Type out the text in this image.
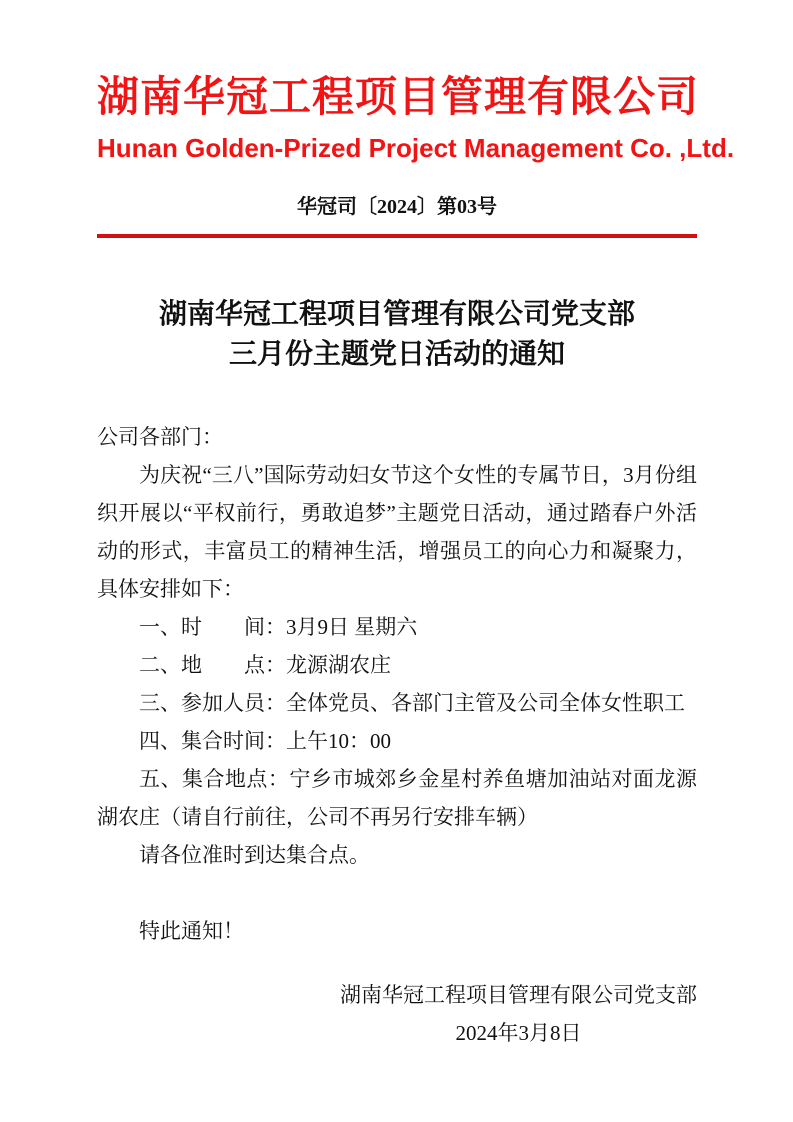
湖南华冠工程项目管理有限公司
Hunan Golden-Prized Project Management Co. ,Ltd.
华冠司〔2024〕第03号
湖南华冠工程项目管理有限公司党支部
三月份主题党日活动的通知

公司各部门：

为庆祝“三八”国际劳动妇女节这个女性的专属节日，3月份组织开展以“平权前行，勇敢追梦”主题党日活动，通过踏春户外活动的形式，丰富员工的精神生活，增强员工的向心力和凝聚力，具体安排如下：

一、时　　间：3月9日 星期六

二、地　　点：龙源湖农庄

三、参加人员：全体党员、各部门主管及公司全体女性职工

四、集合时间：上午10：00

五、集合地点：宁乡市城郊乡金星村养鱼塘加油站对面龙源湖农庄（请自行前往，公司不再另行安排车辆）

请各位准时到达集合点。

特此通知！

湖南华冠工程项目管理有限公司党支部
2024年3月8日
